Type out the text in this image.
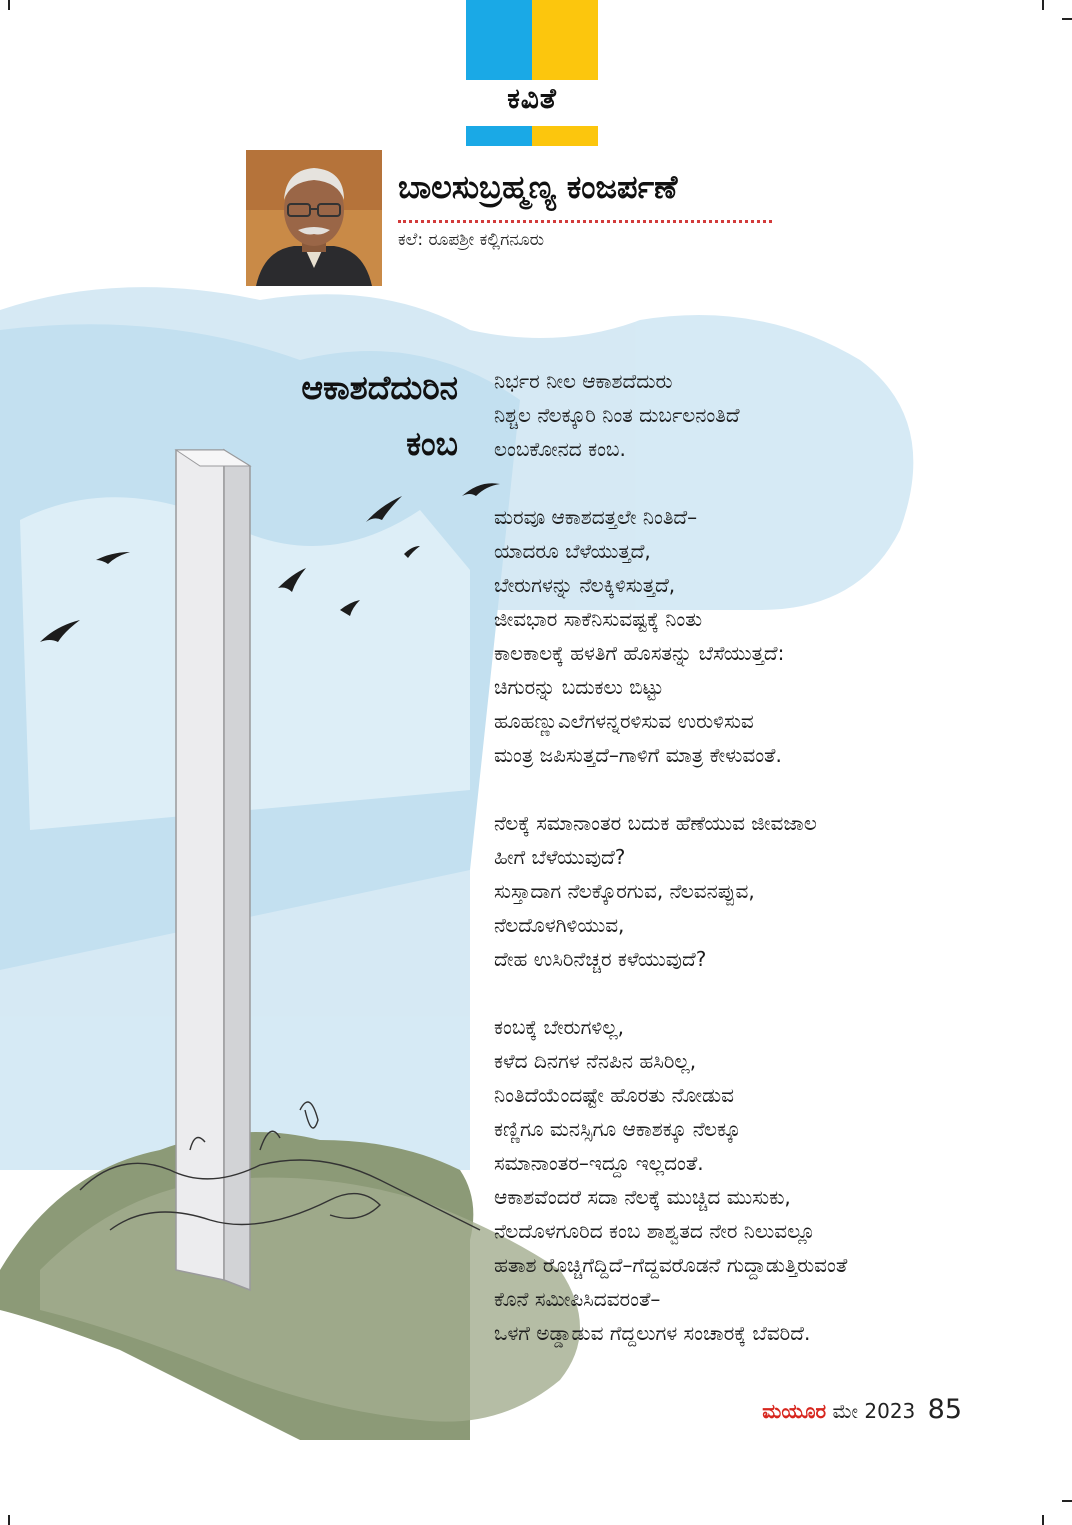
ಕವಿತೆ
ಬಾಲಸುಬ್ರಹ್ಮಣ್ಯ ಕಂಜರ್ಪಣೆ
ಕಲೆ: ರೂಪಶ್ರೀ ಕಲ್ಲಿಗನೂರು
ಆಕಾಶದೆದುರಿನ
ಕಂಬ
ನಿರ್ಭರ ನೀಲ ಆಕಾಶದೆದುರು
ನಿಶ್ಚಲ ನೆಲಕ್ಕೂರಿ ನಿಂತ ದುರ್ಬಲನಂತಿದೆ
ಲಂಬಕೋನದ ಕಂಬ.
ಮರವೂ ಆಕಾಶದತ್ತಲೇ ನಿಂತಿದೆ–
ಯಾದರೂ ಬೆಳೆಯುತ್ತದೆ,
ಬೇರುಗಳನ್ನು ನೆಲಕ್ಕಿಳಿಸುತ್ತದೆ,
ಜೀವಭಾರ ಸಾಕೆನಿಸುವಷ್ಟಕ್ಕೆ ನಿಂತು
ಕಾಲಕಾಲಕ್ಕೆ ಹಳತಿಗೆ ಹೊಸತನ್ನು ಬೆಸೆಯುತ್ತದೆ:
ಚಿಗುರನ್ನು ಬದುಕಲು ಬಿಟ್ಟು
ಹೂಹಣ್ಣುಎಲೆಗಳನ್ನರಳಿಸುವ ಉರುಳಿಸುವ
ಮಂತ್ರ ಜಪಿಸುತ್ತದೆ–ಗಾಳಿಗೆ ಮಾತ್ರ ಕೇಳುವಂತೆ.
ನೆಲಕ್ಕೆ ಸಮಾನಾಂತರ ಬದುಕ ಹೆಣೆಯುವ ಜೀವಜಾಲ
ಹೀಗೆ ಬೆಳೆಯುವುದೆ?
ಸುಸ್ತಾದಾಗ ನೆಲಕ್ಕೊರಗುವ, ನೆಲವನಪ್ಪುವ,
ನೆಲದೊಳಗಿಳಿಯುವ,
ದೇಹ ಉಸಿರಿನೆಚ್ಚರ ಕಳೆಯುವುದೆ?
ಕಂಬಕ್ಕೆ ಬೇರುಗಳಿಲ್ಲ,
ಕಳೆದ ದಿನಗಳ ನೆನಪಿನ ಹಸಿರಿಲ್ಲ,
ನಿಂತಿದೆಯೆಂದಷ್ಟೇ ಹೊರತು ನೋಡುವ
ಕಣ್ಣಿಗೂ ಮನಸ್ಸಿಗೂ ಆಕಾಶಕ್ಕೂ ನೆಲಕ್ಕೂ
ಸಮಾನಾಂತರ–ಇದ್ದೂ ಇಲ್ಲದಂತೆ.
ಆಕಾಶವೆಂದರೆ ಸದಾ ನೆಲಕ್ಕೆ ಮುಚ್ಚಿದ ಮುಸುಕು,
ನೆಲದೊಳಗೂರಿದ ಕಂಬ ಶಾಶ್ವತದ ನೇರ ನಿಲುವಲ್ಲೂ
ಹತಾಶ ರೊಚ್ಚಿಗೆದ್ದಿದೆ–ಗೆದ್ದವರೊಡನೆ ಗುದ್ದಾಡುತ್ತಿರುವಂತೆ
ಕೊನೆ ಸಮೀಪಿಸಿದವರಂತೆ–
ಒಳಗೆ ಅಡ್ಡಾಡುವ ಗೆದ್ದಲುಗಳ ಸಂಚಾರಕ್ಕೆ ಬೆವರಿದೆ.
ಮಯೂರ ಮೇ 2023 85
